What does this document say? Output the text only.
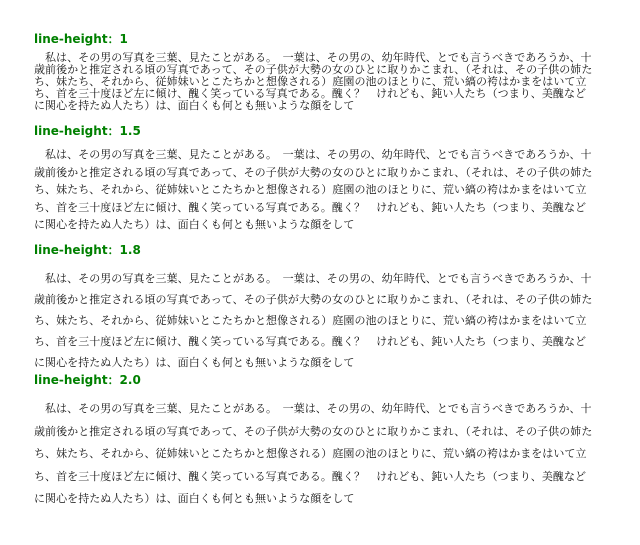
line-height：1

私は、その男の写真を三葉、見たことがある。　一葉は、その男の、幼年時代、とでも言うべきであろうか、十歳前後かと推定される頃の写真であって、その子供が大勢の女のひとに取りかこまれ、（それは、その子供の姉たち、妹たち、それから、従姉妹いとこたちかと想像される）庭園の池のほとりに、荒い縞の袴はかまをはいて立ち、首を三十度ほど左に傾け、醜く笑っている写真である。醜く？　けれども、鈍い人たち（つまり、美醜などに関心を持たぬ人たち）は、面白くも何とも無いような顔をして

line-height：1.5

私は、その男の写真を三葉、見たことがある。　一葉は、その男の、幼年時代、とでも言うべきであろうか、十歳前後かと推定される頃の写真であって、その子供が大勢の女のひとに取りかこまれ、（それは、その子供の姉たち、妹たち、それから、従姉妹いとこたちかと想像される）庭園の池のほとりに、荒い縞の袴はかまをはいて立ち、首を三十度ほど左に傾け、醜く笑っている写真である。醜く？　けれども、鈍い人たち（つまり、美醜などに関心を持たぬ人たち）は、面白くも何とも無いような顔をして

line-height：1.8

私は、その男の写真を三葉、見たことがある。　一葉は、その男の、幼年時代、とでも言うべきであろうか、十歳前後かと推定される頃の写真であって、その子供が大勢の女のひとに取りかこまれ、（それは、その子供の姉たち、妹たち、それから、従姉妹いとこたちかと想像される）庭園の池のほとりに、荒い縞の袴はかまをはいて立ち、首を三十度ほど左に傾け、醜く笑っている写真である。醜く？　けれども、鈍い人たち（つまり、美醜などに関心を持たぬ人たち）は、面白くも何とも無いような顔をして

line-height：2.0

私は、その男の写真を三葉、見たことがある。　一葉は、その男の、幼年時代、とでも言うべきであろうか、十歳前後かと推定される頃の写真であって、その子供が大勢の女のひとに取りかこまれ、（それは、その子供の姉たち、妹たち、それから、従姉妹いとこたちかと想像される）庭園の池のほとりに、荒い縞の袴はかまをはいて立ち、首を三十度ほど左に傾け、醜く笑っている写真である。醜く？　けれども、鈍い人たち（つまり、美醜などに関心を持たぬ人たち）は、面白くも何とも無いような顔をして
